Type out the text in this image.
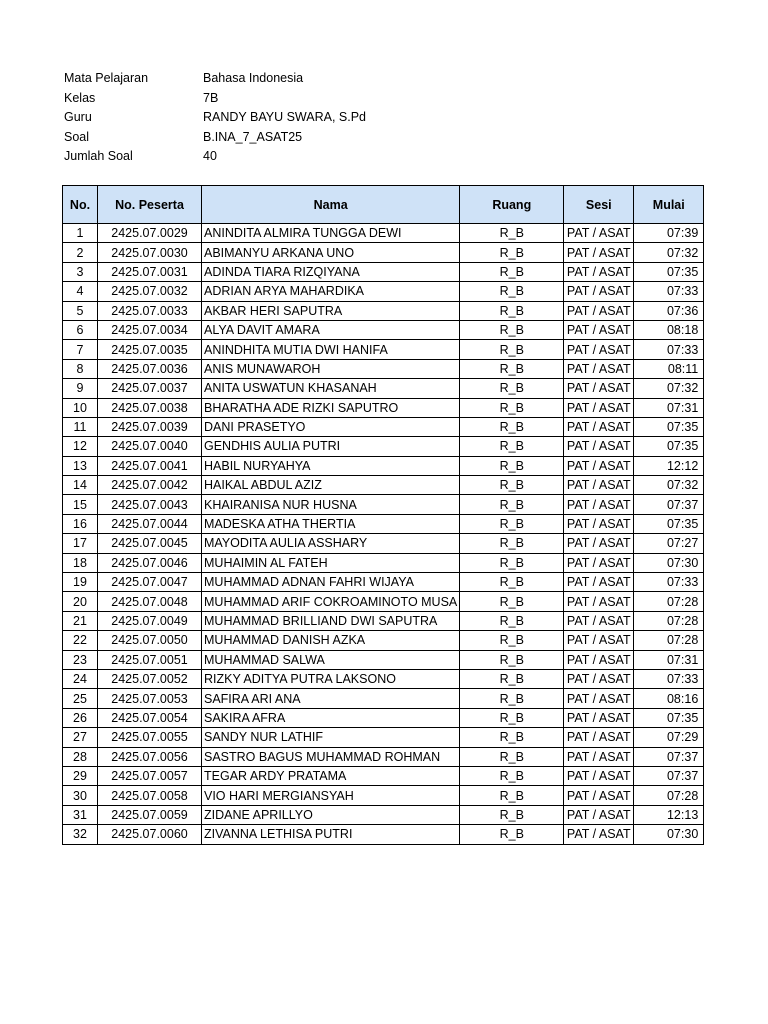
Mata Pelajaran	Bahasa Indonesia
Kelas	7B
Guru	RANDY BAYU SWARA, S.Pd
Soal	B.INA_7_ASAT25
Jumlah Soal	40
No.	No. Peserta	Nama	Ruang	Sesi	Mulai
1	2425.07.0029	ANINDITA ALMIRA TUNGGA DEWI	R_B	PAT / ASAT	07:39
2	2425.07.0030	ABIMANYU ARKANA UNO	R_B	PAT / ASAT	07:32
3	2425.07.0031	ADINDA TIARA RIZQIYANA	R_B	PAT / ASAT	07:35
4	2425.07.0032	ADRIAN ARYA MAHARDIKA	R_B	PAT / ASAT	07:33
5	2425.07.0033	AKBAR HERI SAPUTRA	R_B	PAT / ASAT	07:36
6	2425.07.0034	ALYA DAVIT AMARA	R_B	PAT / ASAT	08:18
7	2425.07.0035	ANINDHITA MUTIA DWI HANIFA	R_B	PAT / ASAT	07:33
8	2425.07.0036	ANIS MUNAWAROH	R_B	PAT / ASAT	08:11
9	2425.07.0037	ANITA USWATUN KHASANAH	R_B	PAT / ASAT	07:32
10	2425.07.0038	BHARATHA ADE RIZKI SAPUTRO	R_B	PAT / ASAT	07:31
11	2425.07.0039	DANI PRASETYO	R_B	PAT / ASAT	07:35
12	2425.07.0040	GENDHIS AULIA PUTRI	R_B	PAT / ASAT	07:35
13	2425.07.0041	HABIL NURYAHYA	R_B	PAT / ASAT	12:12
14	2425.07.0042	HAIKAL ABDUL AZIZ	R_B	PAT / ASAT	07:32
15	2425.07.0043	KHAIRANISA NUR HUSNA	R_B	PAT / ASAT	07:37
16	2425.07.0044	MADESKA ATHA THERTIA	R_B	PAT / ASAT	07:35
17	2425.07.0045	MAYODITA AULIA ASSHARY	R_B	PAT / ASAT	07:27
18	2425.07.0046	MUHAIMIN AL FATEH	R_B	PAT / ASAT	07:30
19	2425.07.0047	MUHAMMAD ADNAN FAHRI WIJAYA	R_B	PAT / ASAT	07:33
20	2425.07.0048	MUHAMMAD ARIF COKROAMINOTO MUSA	R_B	PAT / ASAT	07:28
21	2425.07.0049	MUHAMMAD BRILLIAND DWI SAPUTRA	R_B	PAT / ASAT	07:28
22	2425.07.0050	MUHAMMAD DANISH AZKA	R_B	PAT / ASAT	07:28
23	2425.07.0051	MUHAMMAD SALWA	R_B	PAT / ASAT	07:31
24	2425.07.0052	RIZKY ADITYA PUTRA LAKSONO	R_B	PAT / ASAT	07:33
25	2425.07.0053	SAFIRA ARI ANA	R_B	PAT / ASAT	08:16
26	2425.07.0054	SAKIRA AFRA	R_B	PAT / ASAT	07:35
27	2425.07.0055	SANDY NUR LATHIF	R_B	PAT / ASAT	07:29
28	2425.07.0056	SASTRO BAGUS MUHAMMAD ROHMAN	R_B	PAT / ASAT	07:37
29	2425.07.0057	TEGAR ARDY PRATAMA	R_B	PAT / ASAT	07:37
30	2425.07.0058	VIO HARI MERGIANSYAH	R_B	PAT / ASAT	07:28
31	2425.07.0059	ZIDANE APRILLYO	R_B	PAT / ASAT	12:13
32	2425.07.0060	ZIVANNA LETHISA PUTRI	R_B	PAT / ASAT	07:30
